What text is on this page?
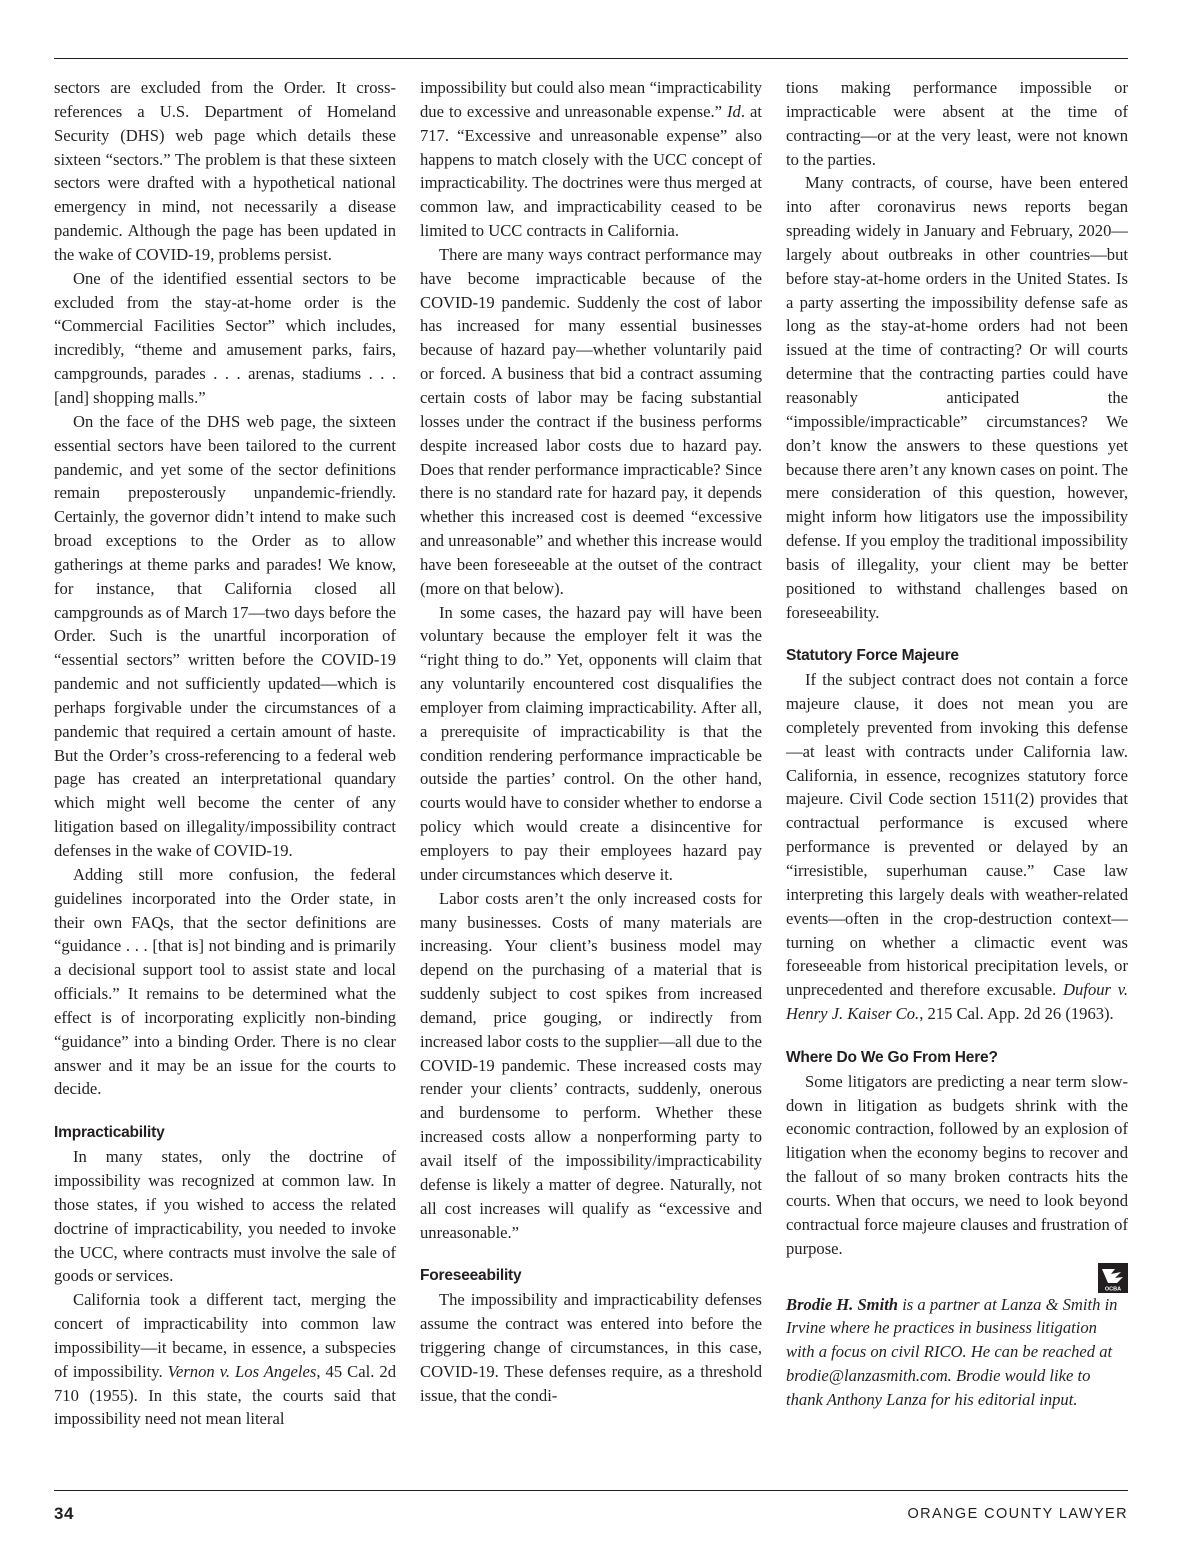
sectors are excluded from the Order. It cross-references a U.S. Department of Homeland Security (DHS) web page which details these sixteen “sectors.” The problem is that these sixteen sectors were drafted with a hypothetical national emergency in mind, not necessarily a disease pandemic. Although the page has been updated in the wake of COVID-19, problems persist.

One of the identified essential sectors to be excluded from the stay-at-home order is the “Commercial Facilities Sector” which includes, incredibly, “theme and amusement parks, fairs, campgrounds, parades . . . arenas, stadiums . . . [and] shopping malls.”

On the face of the DHS web page, the sixteen essential sectors have been tailored to the current pandemic, and yet some of the sector definitions remain preposterously unpandemic-friendly. Certainly, the governor didn’t intend to make such broad exceptions to the Order as to allow gatherings at theme parks and parades! We know, for instance, that California closed all campgrounds as of March 17—two days before the Order. Such is the unartful incorporation of “essential sectors” written before the COVID-19 pandemic and not sufficiently updated—which is perhaps forgivable under the circumstances of a pandemic that required a certain amount of haste. But the Order’s cross-referencing to a federal web page has created an interpretational quandary which might well become the center of any litigation based on illegality/impossibility contract defenses in the wake of COVID-19.

Adding still more confusion, the federal guidelines incorporated into the Order state, in their own FAQs, that the sector definitions are “guidance . . . [that is] not binding and is primarily a decisional support tool to assist state and local officials.” It remains to be determined what the effect is of incorporating explicitly non-binding “guidance” into a binding Order. There is no clear answer and it may be an issue for the courts to decide.

Impracticability

In many states, only the doctrine of impossibility was recognized at common law. In those states, if you wished to access the related doctrine of impracticability, you needed to invoke the UCC, where contracts must involve the sale of goods or services.

California took a different tact, merging the concert of impracticability into common law impossibility—it became, in essence, a subspecies of impossibility. Vernon v. Los Angeles, 45 Cal. 2d 710 (1955). In this state, the courts said that impossibility need not mean literal

impossibility but could also mean “impracticability due to excessive and unreasonable expense.” Id. at 717. “Excessive and unreasonable expense” also happens to match closely with the UCC concept of impracticability. The doctrines were thus merged at common law, and impracticability ceased to be limited to UCC contracts in California.

There are many ways contract performance may have become impracticable because of the COVID-19 pandemic. Suddenly the cost of labor has increased for many essential businesses because of hazard pay—whether voluntarily paid or forced. A business that bid a contract assuming certain costs of labor may be facing substantial losses under the contract if the business performs despite increased labor costs due to hazard pay. Does that render performance impracticable? Since there is no standard rate for hazard pay, it depends whether this increased cost is deemed “excessive and unreasonable” and whether this increase would have been foreseeable at the outset of the contract (more on that below).

In some cases, the hazard pay will have been voluntary because the employer felt it was the “right thing to do.” Yet, opponents will claim that any voluntarily encountered cost disqualifies the employer from claiming impracticability. After all, a prerequisite of impracticability is that the condition rendering performance impracticable be outside the parties’ control. On the other hand, courts would have to consider whether to endorse a policy which would create a disincentive for employers to pay their employees hazard pay under circumstances which deserve it.

Labor costs aren’t the only increased costs for many businesses. Costs of many materials are increasing. Your client’s business model may depend on the purchasing of a material that is suddenly subject to cost spikes from increased demand, price gouging, or indirectly from increased labor costs to the supplier—all due to the COVID-19 pandemic. These increased costs may render your clients’ contracts, suddenly, onerous and burdensome to perform. Whether these increased costs allow a nonperforming party to avail itself of the impossibility/impracticability defense is likely a matter of degree. Naturally, not all cost increases will qualify as “excessive and unreasonable.”

Foreseeability

The impossibility and impracticability defenses assume the contract was entered into before the triggering change of circumstances, in this case, COVID-19. These defenses require, as a threshold issue, that the condi-

tions making performance impossible or impracticable were absent at the time of contracting—or at the very least, were not known to the parties.

Many contracts, of course, have been entered into after coronavirus news reports began spreading widely in January and February, 2020—largely about outbreaks in other countries—but before stay-at-home orders in the United States. Is a party asserting the impossibility defense safe as long as the stay-at-home orders had not been issued at the time of contracting? Or will courts determine that the contracting parties could have reasonably anticipated the “impossible/impracticable” circumstances? We don’t know the answers to these questions yet because there aren’t any known cases on point. The mere consideration of this question, however, might inform how litigators use the impossibility defense. If you employ the traditional impossibility basis of illegality, your client may be better positioned to withstand challenges based on foreseeability.

Statutory Force Majeure

If the subject contract does not contain a force majeure clause, it does not mean you are completely prevented from invoking this defense—at least with contracts under California law. California, in essence, recognizes statutory force majeure. Civil Code section 1511(2) provides that contractual performance is excused where performance is prevented or delayed by an “irresistible, superhuman cause.” Case law interpreting this largely deals with weather-related events—often in the crop-destruction context—turning on whether a climactic event was foreseeable from historical precipitation levels, or unprecedented and therefore excusable. Dufour v. Henry J. Kaiser Co., 215 Cal. App. 2d 26 (1963).

Where Do We Go From Here?

Some litigators are predicting a near term slow-down in litigation as budgets shrink with the economic contraction, followed by an explosion of litigation when the economy begins to recover and the fallout of so many broken contracts hits the courts. When that occurs, we need to look beyond contractual force majeure clauses and frustration of purpose.

OCBA

Brodie H. Smith is a partner at Lanza & Smith in Irvine where he practices in business litigation with a focus on civil RICO. He can be reached at brodie@lanzasmith.com. Brodie would like to thank Anthony Lanza for his editorial input.

34	ORANGE COUNTY LAWYER
